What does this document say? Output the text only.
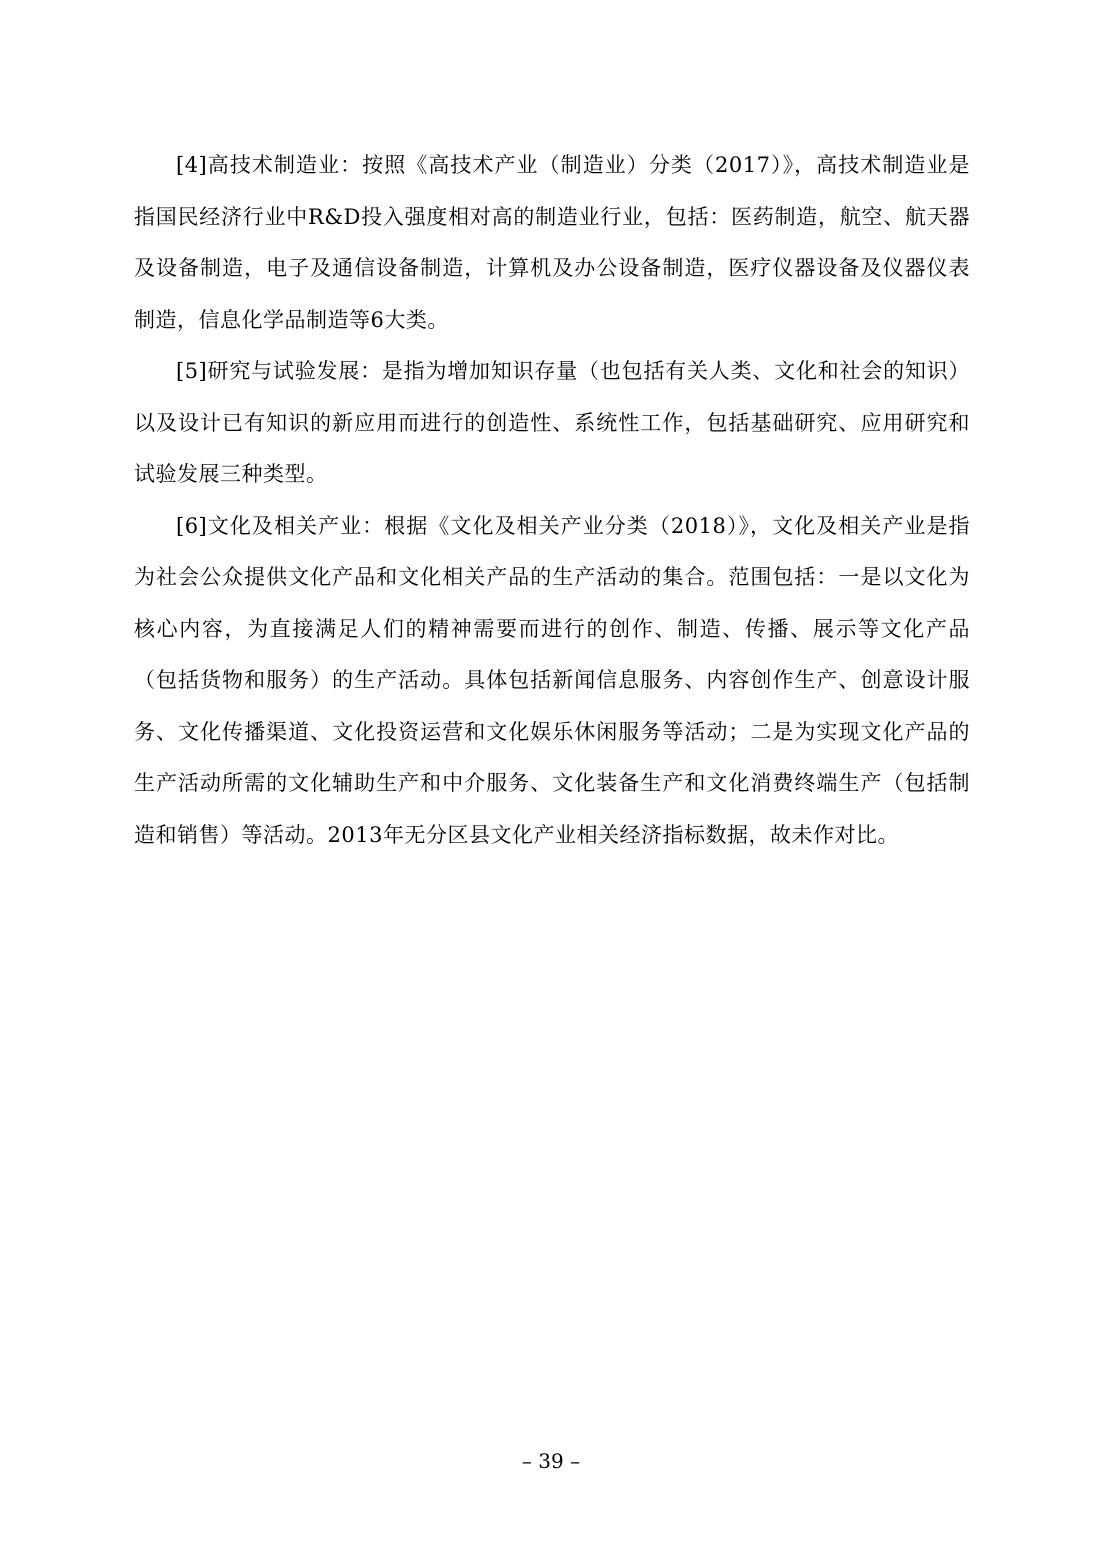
[4]高技术制造业：按照《高技术产业（制造业）分类（2017）》，高技术制造业是指国民经济行业中R&D投入强度相对高的制造业行业，包括：医药制造，航空、航天器及设备制造，电子及通信设备制造，计算机及办公设备制造，医疗仪器设备及仪器仪表制造，信息化学品制造等6大类。

[5]研究与试验发展：是指为增加知识存量（也包括有关人类、文化和社会的知识）以及设计已有知识的新应用而进行的创造性、系统性工作，包括基础研究、应用研究和试验发展三种类型。

[6]文化及相关产业：根据《文化及相关产业分类（2018）》，文化及相关产业是指为社会公众提供文化产品和文化相关产品的生产活动的集合。范围包括：一是以文化为核心内容，为直接满足人们的精神需要而进行的创作、制造、传播、展示等文化产品（包括货物和服务）的生产活动。具体包括新闻信息服务、内容创作生产、创意设计服务、文化传播渠道、文化投资运营和文化娱乐休闲服务等活动；二是为实现文化产品的生产活动所需的文化辅助生产和中介服务、文化装备生产和文化消费终端生产（包括制造和销售）等活动。2013年无分区县文化产业相关经济指标数据，故未作对比。

– 39 –
